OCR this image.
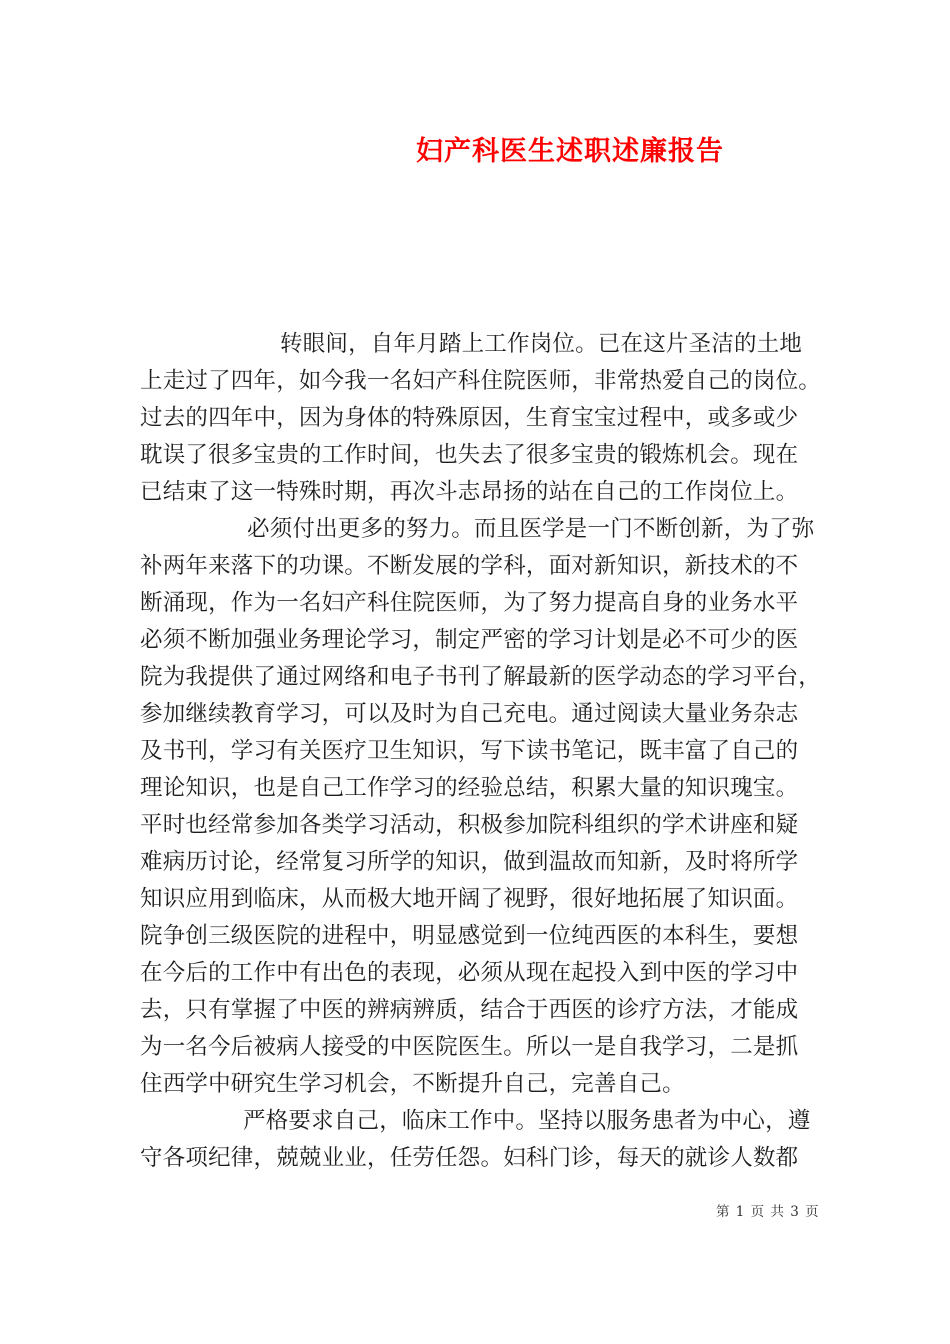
妇产科医生述职述廉报告
转眼间，自年月踏上工作岗位。已在这片圣洁的土地
上走过了四年，如今我一名妇产科住院医师，非常热爱自己的岗位。
过去的四年中，因为身体的特殊原因，生育宝宝过程中，或多或少
耽误了很多宝贵的工作时间，也失去了很多宝贵的锻炼机会。现在
已结束了这一特殊时期，再次斗志昂扬的站在自己的工作岗位上。
必须付出更多的努力。而且医学是一门不断创新，为了弥
补两年来落下的功课。不断发展的学科，面对新知识，新技术的不
断涌现，作为一名妇产科住院医师，为了努力提高自身的业务水平
必须不断加强业务理论学习，制定严密的学习计划是必不可少的医
院为我提供了通过网络和电子书刊了解最新的医学动态的学习平台，
参加继续教育学习，可以及时为自己充电。通过阅读大量业务杂志
及书刊，学习有关医疗卫生知识，写下读书笔记，既丰富了自己的
理论知识，也是自己工作学习的经验总结，积累大量的知识瑰宝。
平时也经常参加各类学习活动，积极参加院科组织的学术讲座和疑
难病历讨论，经常复习所学的知识，做到温故而知新，及时将所学
知识应用到临床，从而极大地开阔了视野，很好地拓展了知识面。
院争创三级医院的进程中，明显感觉到一位纯西医的本科生，要想
在今后的工作中有出色的表现，必须从现在起投入到中医的学习中
去，只有掌握了中医的辨病辨质，结合于西医的诊疗方法，才能成
为一名今后被病人接受的中医院医生。所以一是自我学习，二是抓
住西学中研究生学习机会，不断提升自己，完善自己。
严格要求自己，临床工作中。坚持以服务患者为中心，遵
守各项纪律，兢兢业业，任劳任怨。妇科门诊，每天的就诊人数都
第 1 页 共 3 页
